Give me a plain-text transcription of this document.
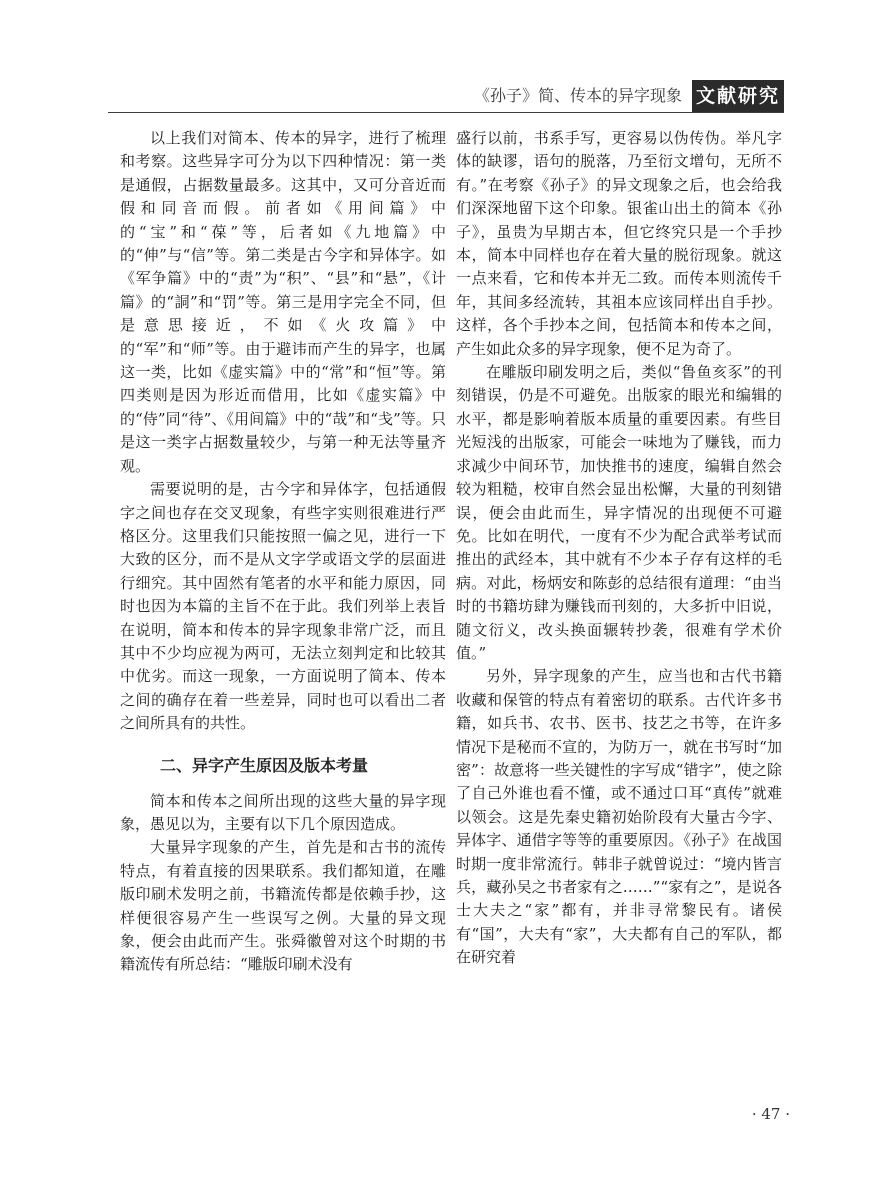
《孙子》简、传本的异字现象 文献研究

以上我们对简本、传本的异字，进行了梳理和考察。这些异字可分为以下四种情况：第一类是通假，占据数量最多。这其中，又可分音近而假和同音而假。前者如《用间篇》中的“宝”和“葆”等，后者如《九地篇》中的“伸”与“信”等。第二类是古今字和异体字。如《军争篇》中的“责”为“积”、“县”和“悬”，《计篇》的“詷”和“罚”等。第三是用字完全不同，但是意思接近，不如《火攻篇》中的“军”和“师”等。由于避讳而产生的异字，也属这一类，比如《虚实篇》中的“常”和“恒”等。第四类则是因为形近而借用，比如《虚实篇》中的“侍”同“待”、《用间篇》中的“哉”和“戋”等。只是这一类字占据数量较少，与第一种无法等量齐观。

需要说明的是，古今字和异体字，包括通假字之间也存在交叉现象，有些字实则很难进行严格区分。这里我们只能按照一偏之见，进行一下大致的区分，而不是从文字学或语文学的层面进行细究。其中固然有笔者的水平和能力原因，同时也因为本篇的主旨不在于此。我们列举上表旨在说明，简本和传本的异字现象非常广泛，而且其中不少均应视为两可，无法立刻判定和比较其中优劣。而这一现象，一方面说明了简本、传本之间的确存在着一些差异，同时也可以看出二者之间所具有的共性。

二、异字产生原因及版本考量

简本和传本之间所出现的这些大量的异字现象，愚见以为，主要有以下几个原因造成。

大量异字现象的产生，首先是和古书的流传特点，有着直接的因果联系。我们都知道，在雕版印刷术发明之前，书籍流传都是依赖手抄，这样便很容易产生一些误写之例。大量的异文现象，便会由此而产生。张舜徽曾对这个时期的书籍流传有所总结：“雕版印刷术没有

盛行以前，书系手写，更容易以伪传伪。举凡字体的缺谬，语句的脱落，乃至衍文增句，无所不有。”在考察《孙子》的异文现象之后，也会给我们深深地留下这个印象。银雀山出土的简本《孙子》，虽贵为早期古本，但它终究只是一个手抄本，简本中同样也存在着大量的脱衍现象。就这一点来看，它和传本并无二致。而传本则流传千年，其间多经流转，其祖本应该同样出自手抄。这样，各个手抄本之间，包括简本和传本之间，产生如此众多的异字现象，便不足为奇了。

在雕版印刷发明之后，类似“鲁鱼亥豕”的刊刻错误，仍是不可避免。出版家的眼光和编辑的水平，都是影响着版本质量的重要因素。有些目光短浅的出版家，可能会一味地为了赚钱，而力求减少中间环节，加快推书的速度，编辑自然会较为粗糙，校审自然会显出松懈，大量的刊刻错误，便会由此而生，异字情况的出现便不可避免。比如在明代，一度有不少为配合武举考试而推出的武经本，其中就有不少本子存有这样的毛病。对此，杨炳安和陈彭的总结很有道理：“由当时的书籍坊肆为赚钱而刊刻的，大多折中旧说，随文衍义，改头换面辗转抄袭，很难有学术价值。”

另外，异字现象的产生，应当也和古代书籍收藏和保管的特点有着密切的联系。古代许多书籍，如兵书、农书、医书、技艺之书等，在许多情况下是秘而不宣的，为防万一，就在书写时“加密”：故意将一些关键性的字写成“错字”，使之除了自己外谁也看不懂，或不通过口耳“真传”就难以领会。这是先秦史籍初始阶段有大量古今字、异体字、通借字等等的重要原因。《孙子》在战国时期一度非常流行。韩非子就曾说过：“境内皆言兵，藏孙吴之书者家有之……”“家有之”，是说各士大夫之“家”都有，并非寻常黎民有。诸侯有“国”，大夫有“家”，大夫都有自己的军队，都在研究着

· 47 ·
